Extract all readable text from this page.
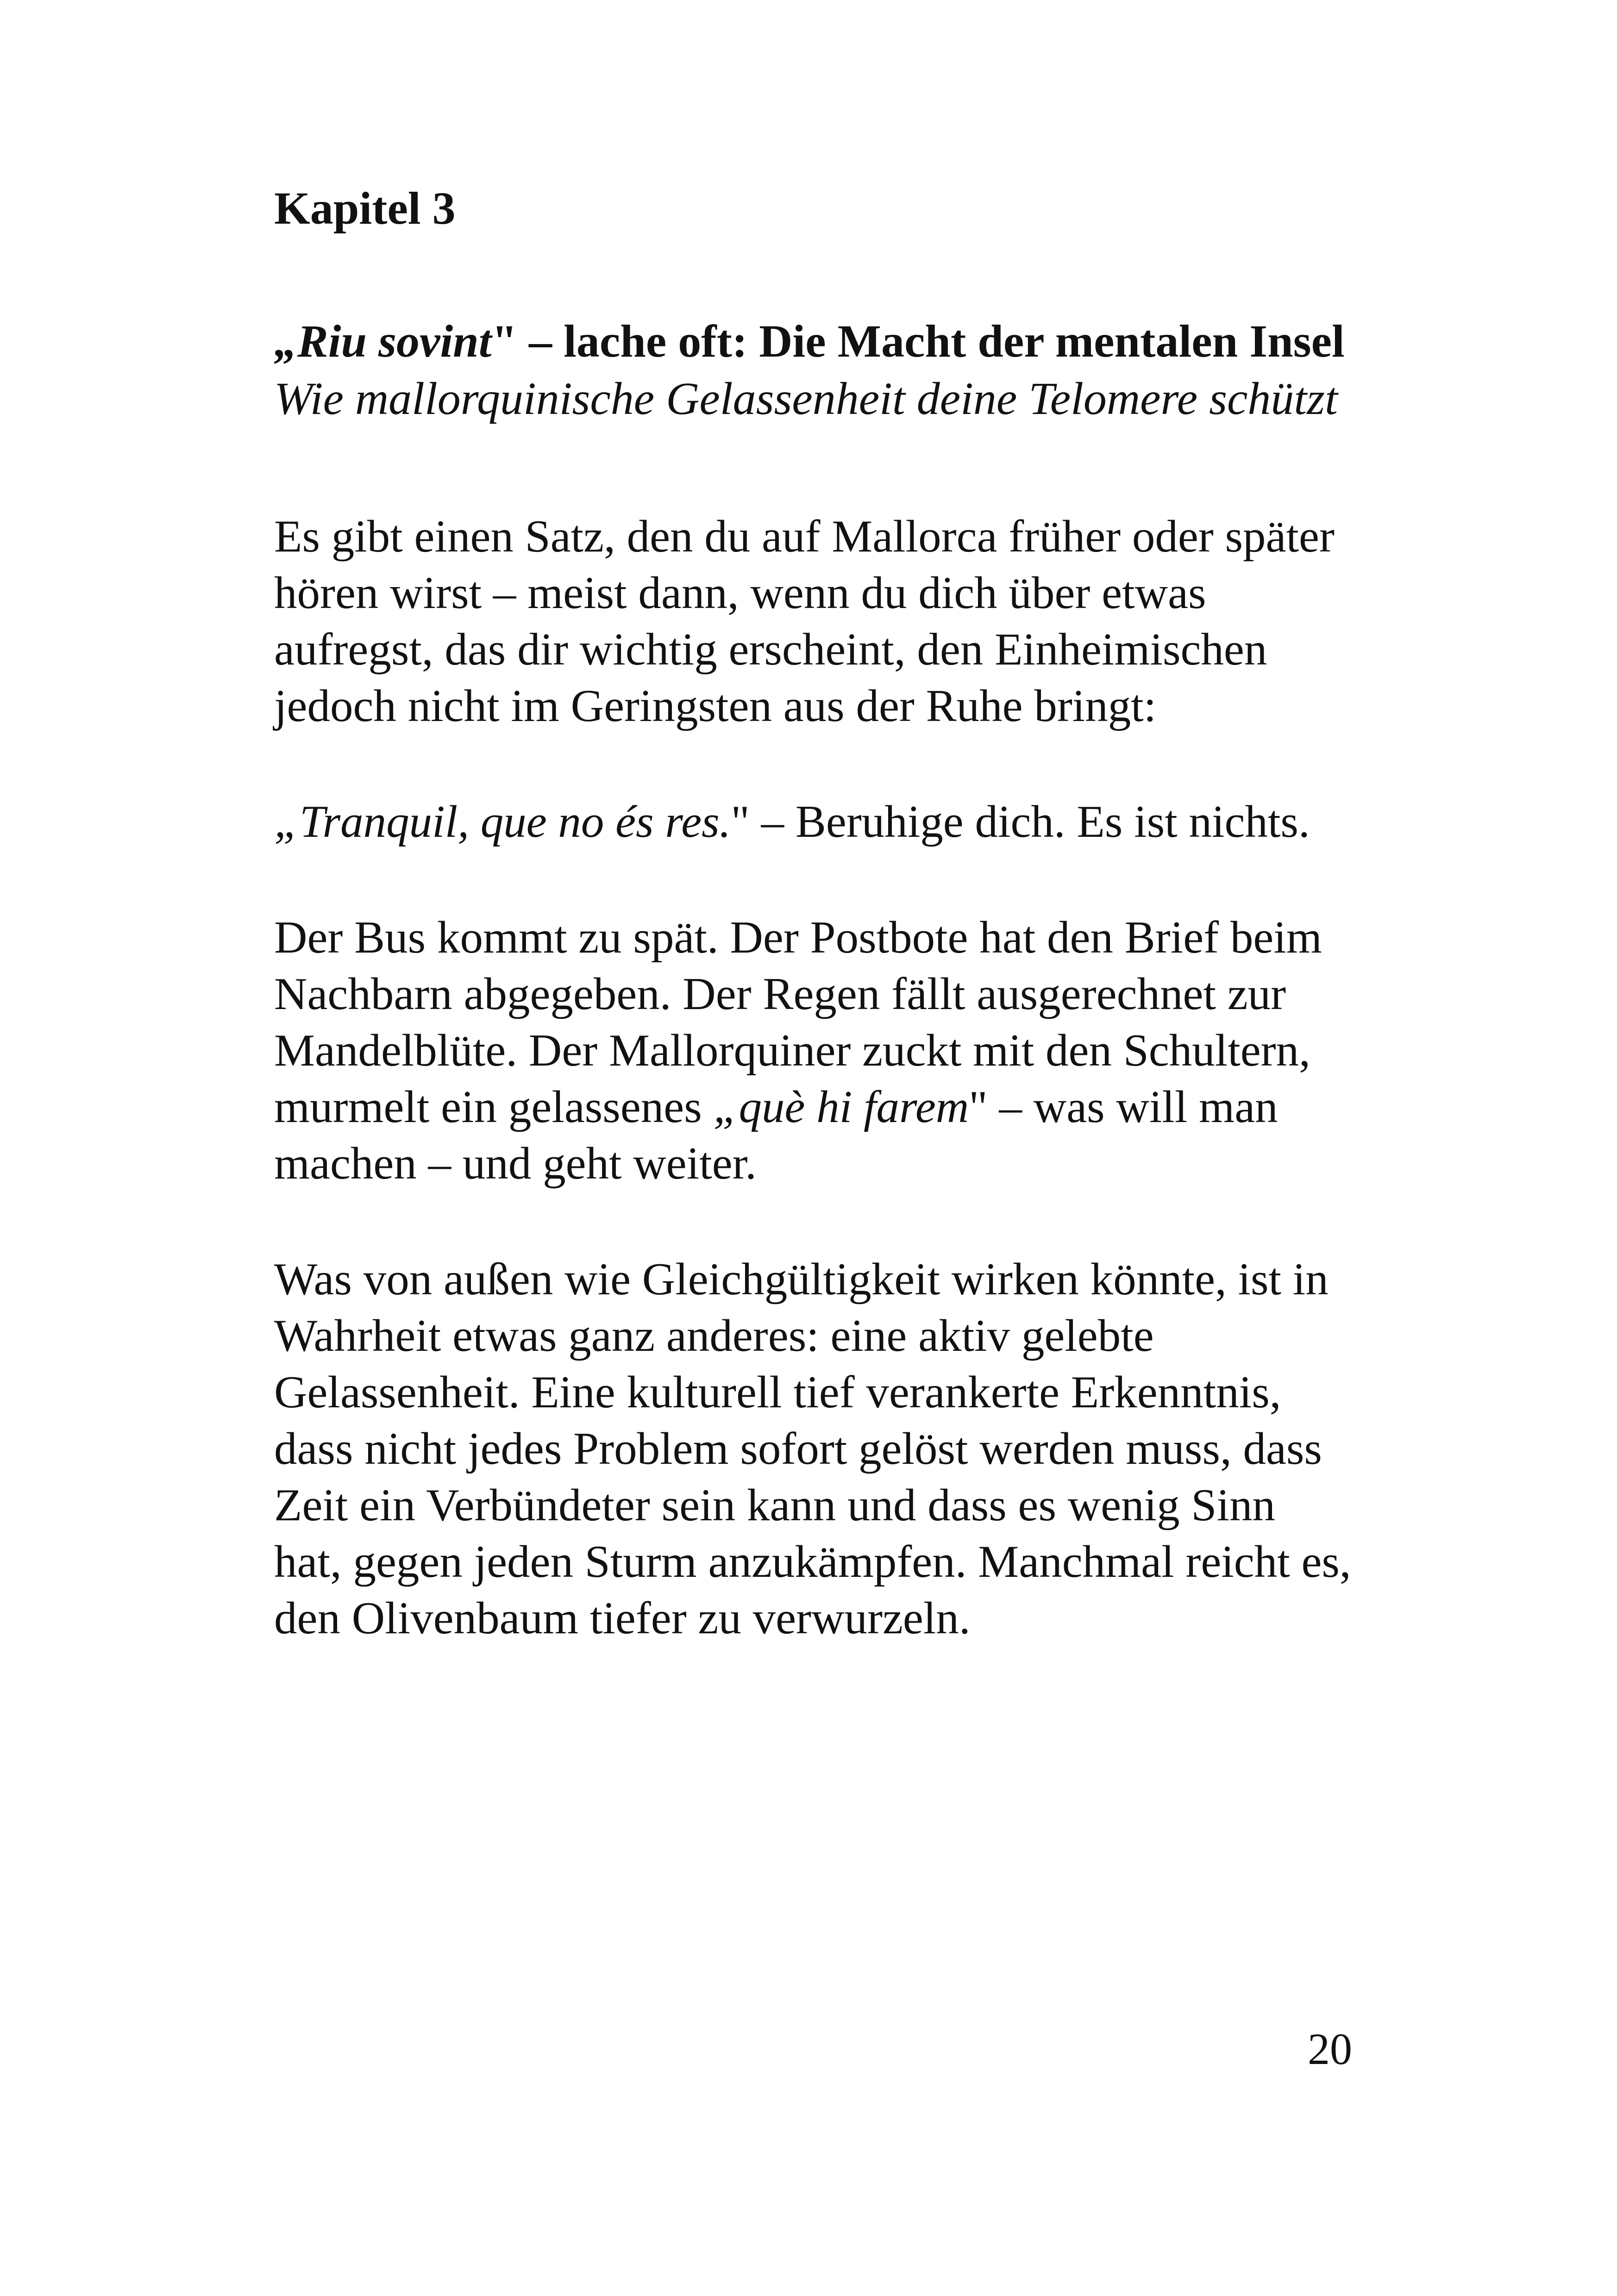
Kapitel 3
„Riu sovint" – lache oft: Die Macht der mentalen Insel Wie mallorquinische Gelassenheit deine Telomere schützt

Es gibt einen Satz, den du auf Mallorca früher oder später hören wirst – meist dann, wenn du dich über etwas aufregst, das dir wichtig erscheint, den Einheimischen jedoch nicht im Geringsten aus der Ruhe bringt:

„Tranquil, que no és res." – Beruhige dich. Es ist nichts.

Der Bus kommt zu spät. Der Postbote hat den Brief beim Nachbarn abgegeben. Der Regen fällt ausgerechnet zur Mandelblüte. Der Mallorquiner zuckt mit den Schultern, murmelt ein gelassenes „què hi farem" – was will man machen – und geht weiter.

Was von außen wie Gleichgültigkeit wirken könnte, ist in Wahrheit etwas ganz anderes: eine aktiv gelebte Gelassenheit. Eine kulturell tief verankerte Erkenntnis, dass nicht jedes Problem sofort gelöst werden muss, dass Zeit ein Verbündeter sein kann und dass es wenig Sinn hat, gegen jeden Sturm anzukämpfen. Manchmal reicht es, den Olivenbaum tiefer zu verwurzeln.

20
